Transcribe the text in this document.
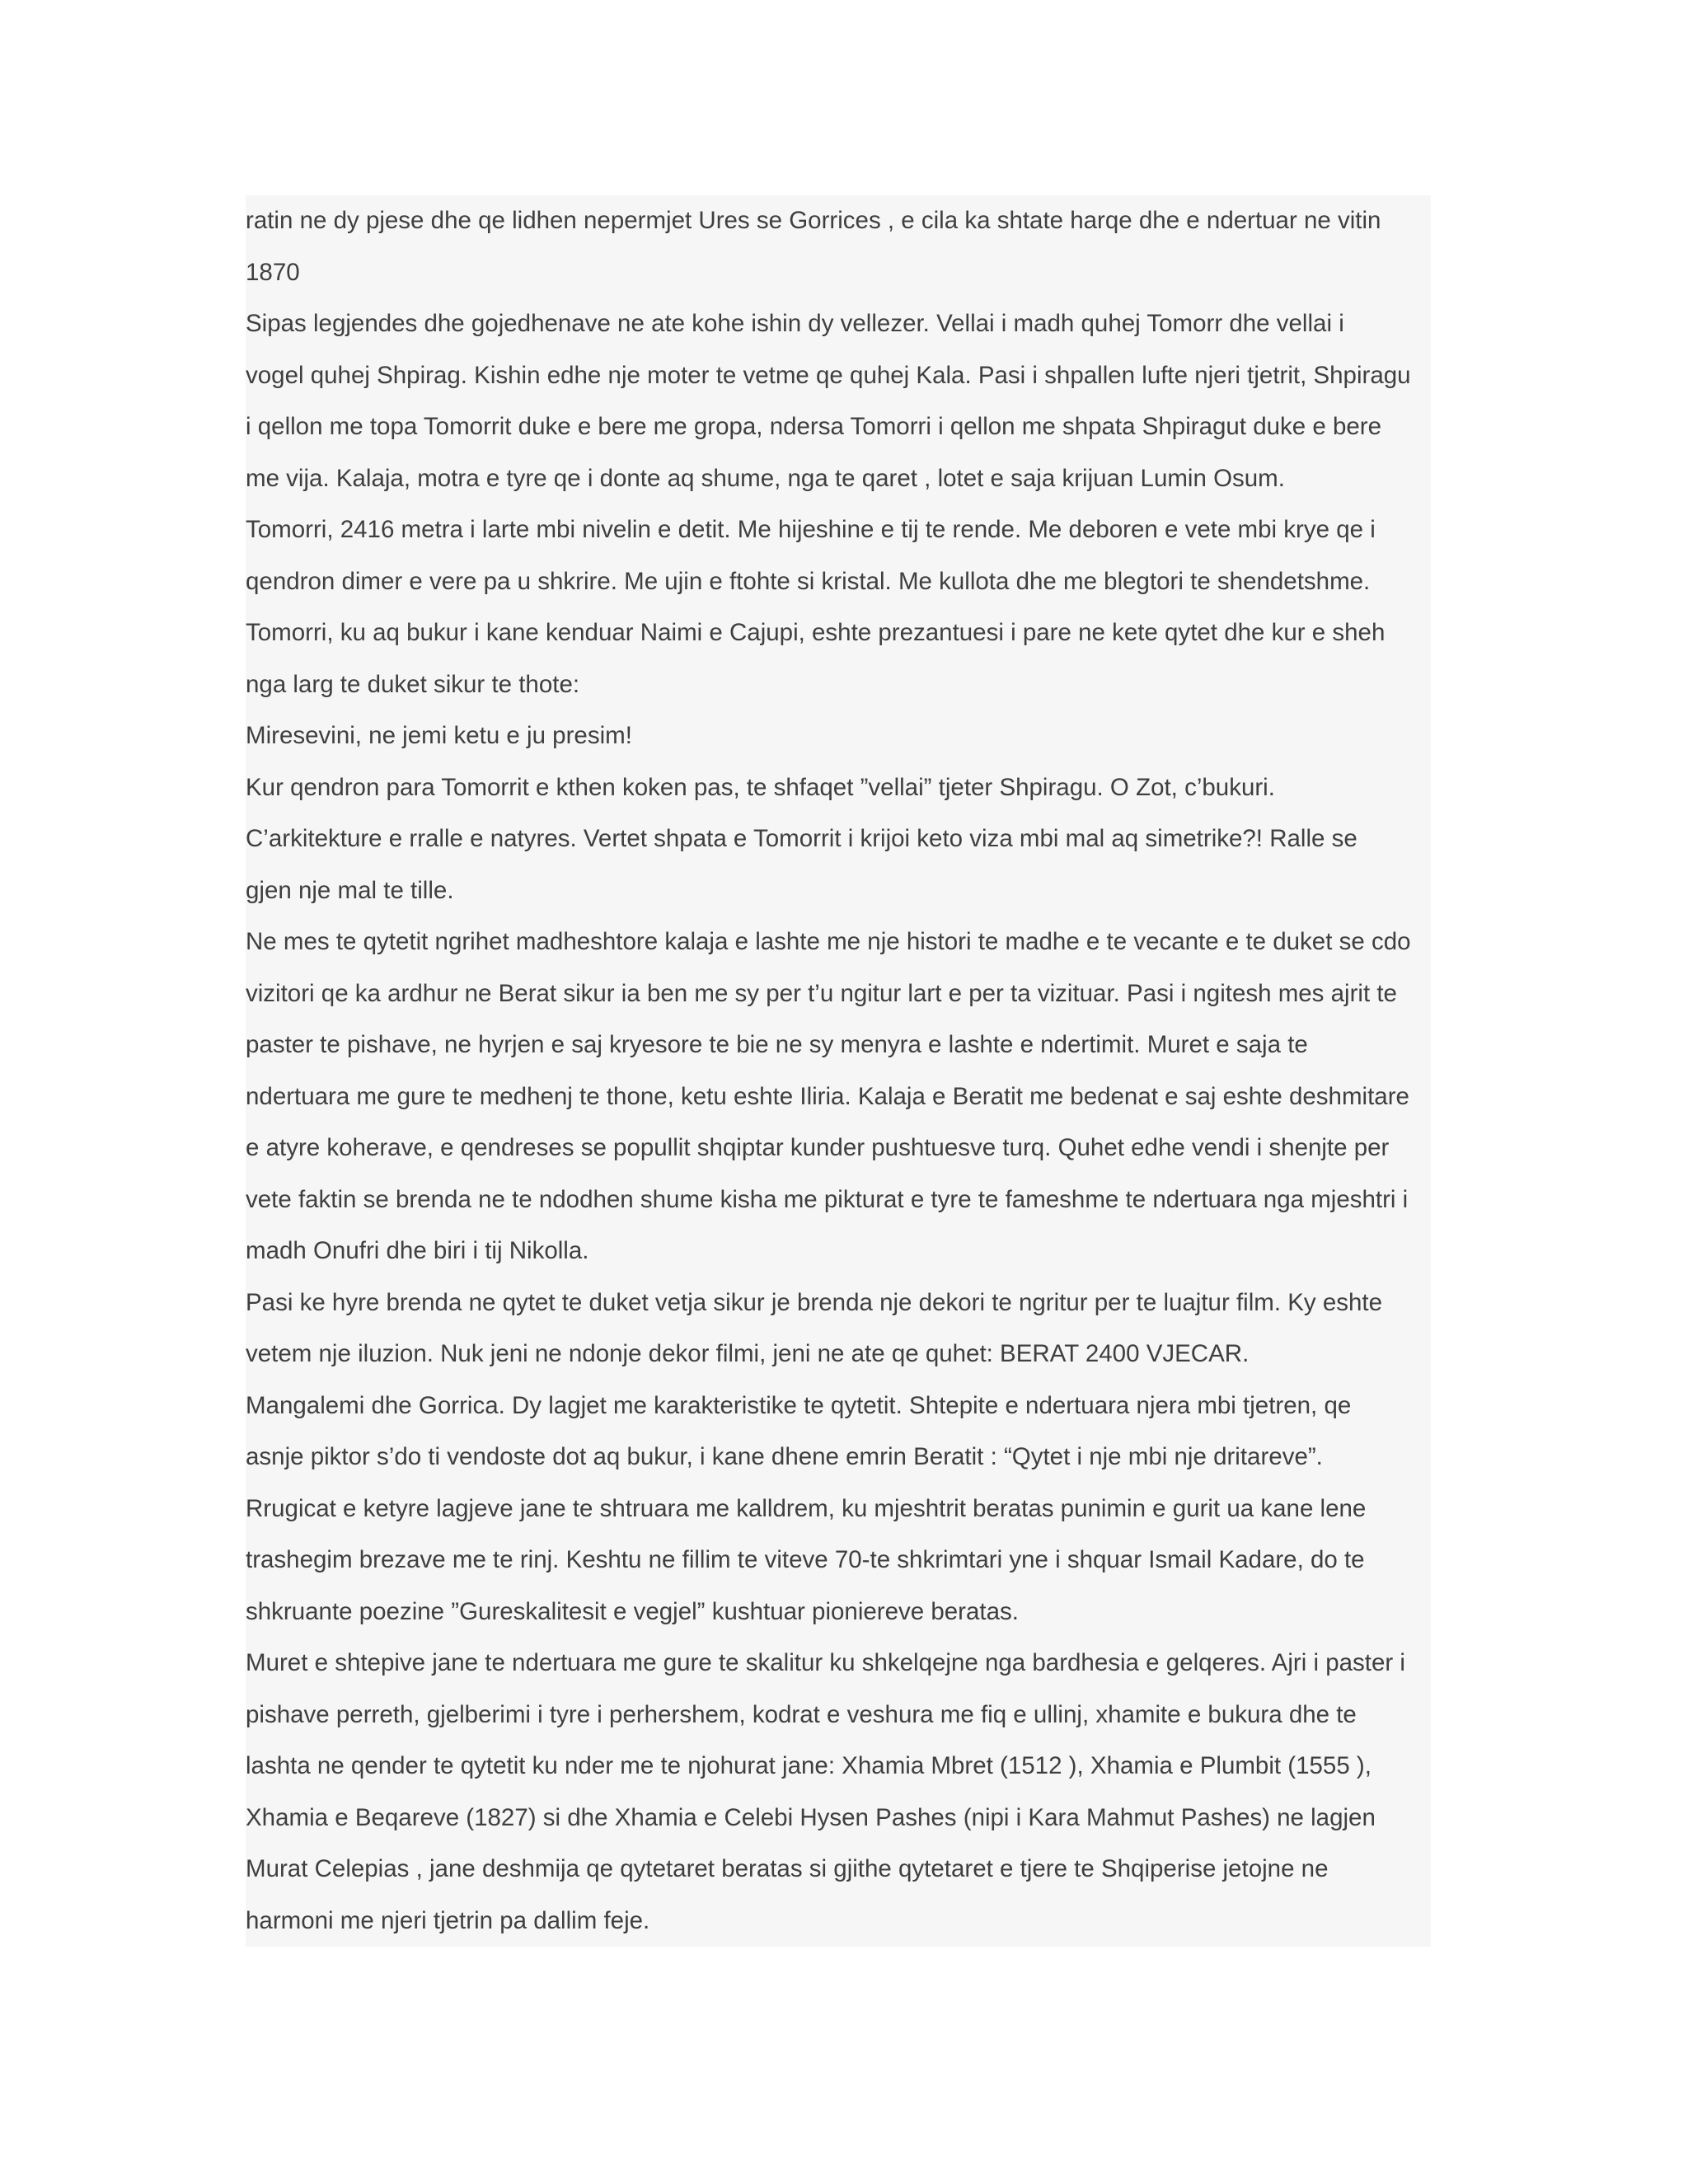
ratin ne dy pjese dhe qe lidhen nepermjet Ures se Gorrices , e cila ka shtate harqe dhe e ndertuar ne vitin
1870
Sipas legjendes dhe gojedhenave ne ate kohe ishin dy vellezer. Vellai i madh quhej Tomorr dhe vellai i
vogel quhej Shpirag. Kishin edhe nje moter te vetme qe quhej Kala. Pasi i shpallen lufte njeri tjetrit, Shpiragu
i qellon me topa Tomorrit duke e bere me gropa, ndersa Tomorri i qellon me shpata Shpiragut duke e bere
me vija. Kalaja, motra e tyre qe i donte aq shume, nga te qaret , lotet e saja krijuan Lumin Osum.
Tomorri, 2416 metra i larte mbi nivelin e detit. Me hijeshine e tij te rende. Me deboren e vete mbi krye qe i
qendron dimer e vere pa u shkrire. Me ujin e ftohte si kristal. Me kullota dhe me blegtori te shendetshme.
Tomorri, ku aq bukur i kane kenduar Naimi e Cajupi, eshte prezantuesi i pare ne kete qytet dhe kur e sheh
nga larg te duket sikur te thote:
Miresevini, ne jemi ketu e ju presim!
Kur qendron para Tomorrit e kthen koken pas, te shfaqet ”vellai” tjeter Shpiragu. O Zot, c’bukuri.
C’arkitekture e rralle e natyres. Vertet shpata e Tomorrit i krijoi keto viza mbi mal aq simetrike?! Ralle se
gjen nje mal te tille.
Ne mes te qytetit ngrihet madheshtore kalaja e lashte me nje histori te madhe e te vecante e te duket se cdo
vizitori qe ka ardhur ne Berat sikur ia ben me sy per t’u ngitur lart e per ta vizituar. Pasi i ngitesh mes ajrit te
paster te pishave, ne hyrjen e saj kryesore te bie ne sy menyra e lashte e ndertimit. Muret e saja te
ndertuara me gure te medhenj te thone, ketu eshte Iliria. Kalaja e Beratit me bedenat e saj eshte deshmitare
e atyre koherave, e qendreses se popullit shqiptar kunder pushtuesve turq. Quhet edhe vendi i shenjte per
vete faktin se brenda ne te ndodhen shume kisha me pikturat e tyre te fameshme te ndertuara nga mjeshtri i
madh Onufri dhe biri i tij Nikolla.
Pasi ke hyre brenda ne qytet te duket vetja sikur je brenda nje dekori te ngritur per te luajtur film. Ky eshte
vetem nje iluzion. Nuk jeni ne ndonje dekor filmi, jeni ne ate qe quhet: BERAT 2400 VJECAR.
Mangalemi dhe Gorrica. Dy lagjet me karakteristike te qytetit. Shtepite e ndertuara njera mbi tjetren, qe
asnje piktor s’do ti vendoste dot aq bukur, i kane dhene emrin Beratit : “Qytet i nje mbi nje dritareve”.
Rrugicat e ketyre lagjeve jane te shtruara me kalldrem, ku mjeshtrit beratas punimin e gurit ua kane lene
trashegim brezave me te rinj. Keshtu ne fillim te viteve 70-te shkrimtari yne i shquar Ismail Kadare, do te
shkruante poezine ”Gureskalitesit e vegjel” kushtuar pioniereve beratas.
Muret e shtepive jane te ndertuara me gure te skalitur ku shkelqejne nga bardhesia e gelqeres. Ajri i paster i
pishave perreth, gjelberimi i tyre i perhershem, kodrat e veshura me fiq e ullinj, xhamite e bukura dhe te
lashta ne qender te qytetit ku nder me te njohurat jane: Xhamia Mbret (1512 ), Xhamia e Plumbit (1555 ),
Xhamia e Beqareve (1827) si dhe Xhamia e Celebi Hysen Pashes (nipi i Kara Mahmut Pashes) ne lagjen
Murat Celepias , jane deshmija qe qytetaret beratas si gjithe qytetaret e tjere te Shqiperise jetojne ne
harmoni me njeri tjetrin pa dallim feje.
